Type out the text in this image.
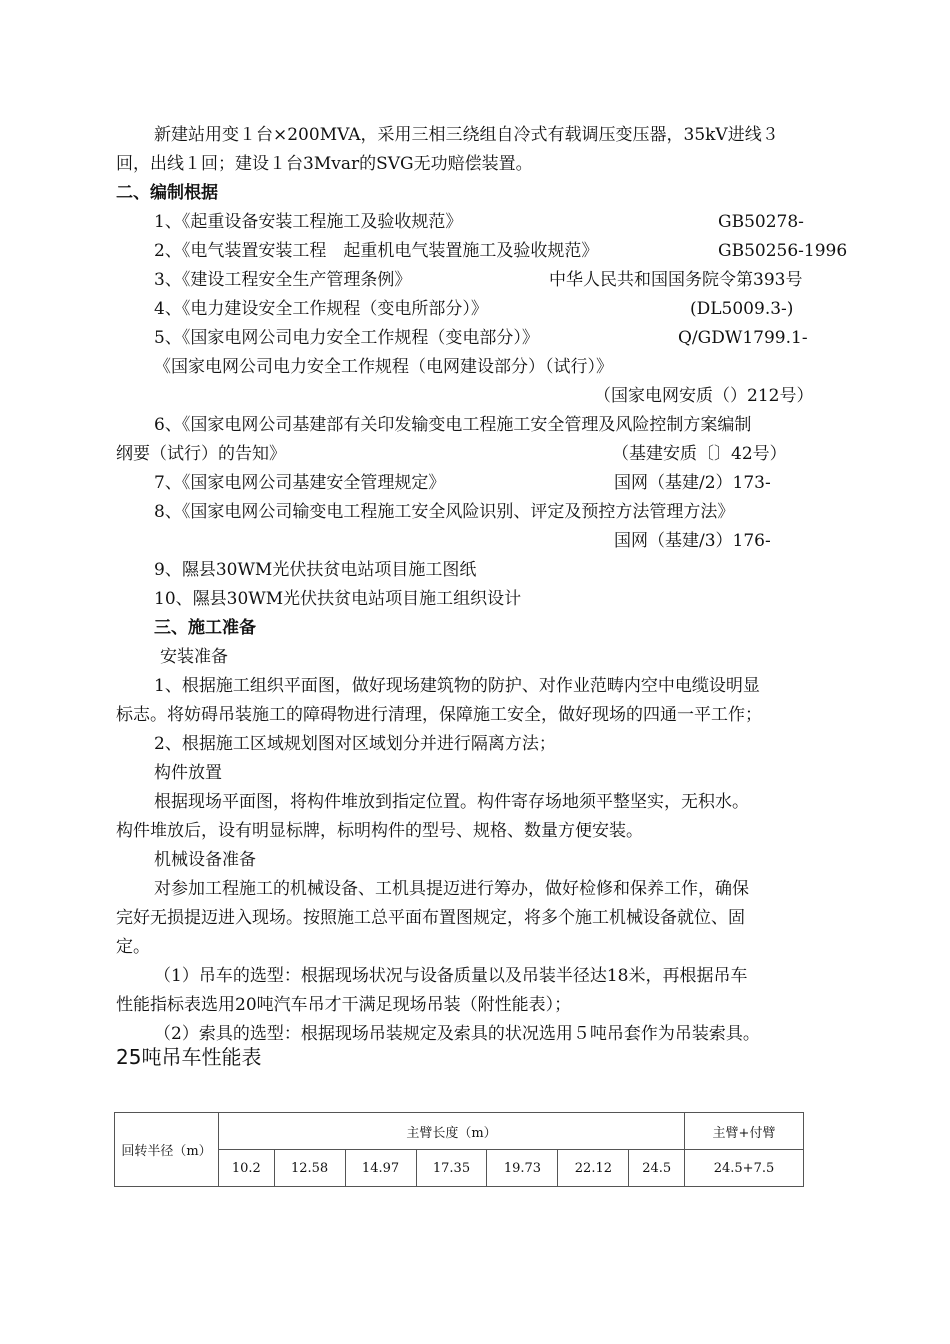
新建站用变１台×200MVA，采用三相三绕组自冷式有载调压变压器，35kV进线３
回，出线１回；建设１台3Mvar的SVG无功赔偿装置。
二、编制根据
1、《起重设备安装工程施工及验收规范》	GB50278-
2、《电气装置安装工程　起重机电气装置施工及验收规范》	GB50256-1996
3、《建设工程安全生产管理条例》	中华人民共和国国务院令第393号
4、《电力建设安全工作规程（变电所部分）》	(DL5009.3-)
5、《国家电网公司电力安全工作规程（变电部分）》	Q/GDW1799.1-
《国家电网公司电力安全工作规程（电网建设部分）（试行）》
（国家电网安质（）212号）
6、《国家电网公司基建部有关印发输变电工程施工安全管理及风险控制方案编制
纲要（试行）的告知》	（基建安质〔〕42号）
7、《国家电网公司基建安全管理规定》	国网（基建/2）173-
8、《国家电网公司输变电工程施工安全风险识别、评定及预控方法管理方法》
国网（基建/3）176-
9、隰县30WM光伏扶贫电站项目施工图纸
10、隰县30WM光伏扶贫电站项目施工组织设计
三、施工准备
安装准备
1、根据施工组织平面图，做好现场建筑物的防护、对作业范畴内空中电缆设明显
标志。将妨碍吊装施工的障碍物进行清理，保障施工安全，做好现场的四通一平工作；
2、根据施工区域规划图对区域划分并进行隔离方法；
构件放置
根据现场平面图，将构件堆放到指定位置。构件寄存场地须平整坚实，无积水。
构件堆放后，设有明显标牌，标明构件的型号、规格、数量方便安装。
机械设备准备
对参加工程施工的机械设备、工机具提迈进行筹办，做好检修和保养工作，确保
完好无损提迈进入现场。按照施工总平面布置图规定，将多个施工机械设备就位、固
定。
（1）吊车的选型：根据现场状况与设备质量以及吊装半径达18米，再根据吊车
性能指标表选用20吨汽车吊才干满足现场吊装（附性能表）；
（2）索具的选型：根据现场吊装规定及索具的状况选用５吨吊套作为吊装索具。
25吨吊车性能表
回转半径（m）	主臂长度（m）							主臂+付臂
	10.2	12.58	14.97	17.35	19.73	22.12	24.5	24.5+7.5
